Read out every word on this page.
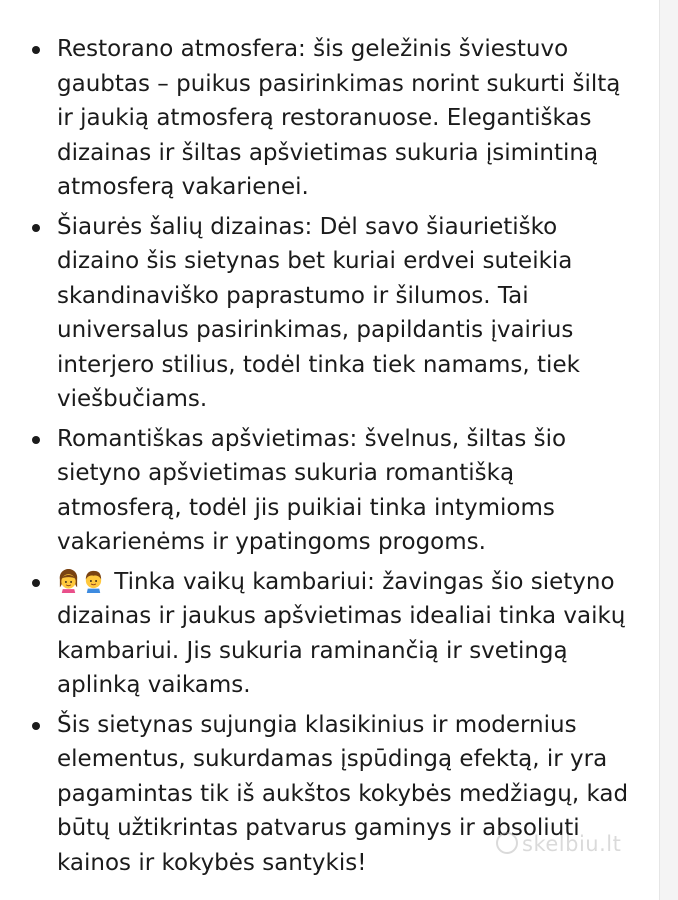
Restorano atmosfera: šis geležinis šviestuvo gaubtas – puikus pasirinkimas norint sukurti šiltą ir jaukią atmosferą restoranuose. Elegantiškas dizainas ir šiltas apšvietimas sukuria įsimintiną atmosferą vakarienei.
Šiaurės šalių dizainas: Dėl savo šiaurietiško dizaino šis sietynas bet kuriai erdvei suteikia skandinaviško paprastumo ir šilumos. Tai universalus pasirinkimas, papildantis įvairius interjero stilius, todėl tinka tiek namams, tiek viešbučiams.
Romantiškas apšvietimas: švelnus, šiltas šio sietyno apšvietimas sukuria romantišką atmosferą, todėl jis puikiai tinka intymioms vakarienėms ir ypatingoms progoms.
Tinka vaikų kambariui: žavingas šio sietyno dizainas ir jaukus apšvietimas idealiai tinka vaikų kambariui. Jis sukuria raminančią ir svetingą aplinką vaikams.
Šis sietynas sujungia klasikinius ir modernius elementus, sukurdamas įspūdingą efektą, ir yra pagamintas tik iš aukštos kokybės medžiagų, kad būtų užtikrintas patvarus gaminys ir absoliuti kainos ir kokybės santykis!
skelbiu.lt
